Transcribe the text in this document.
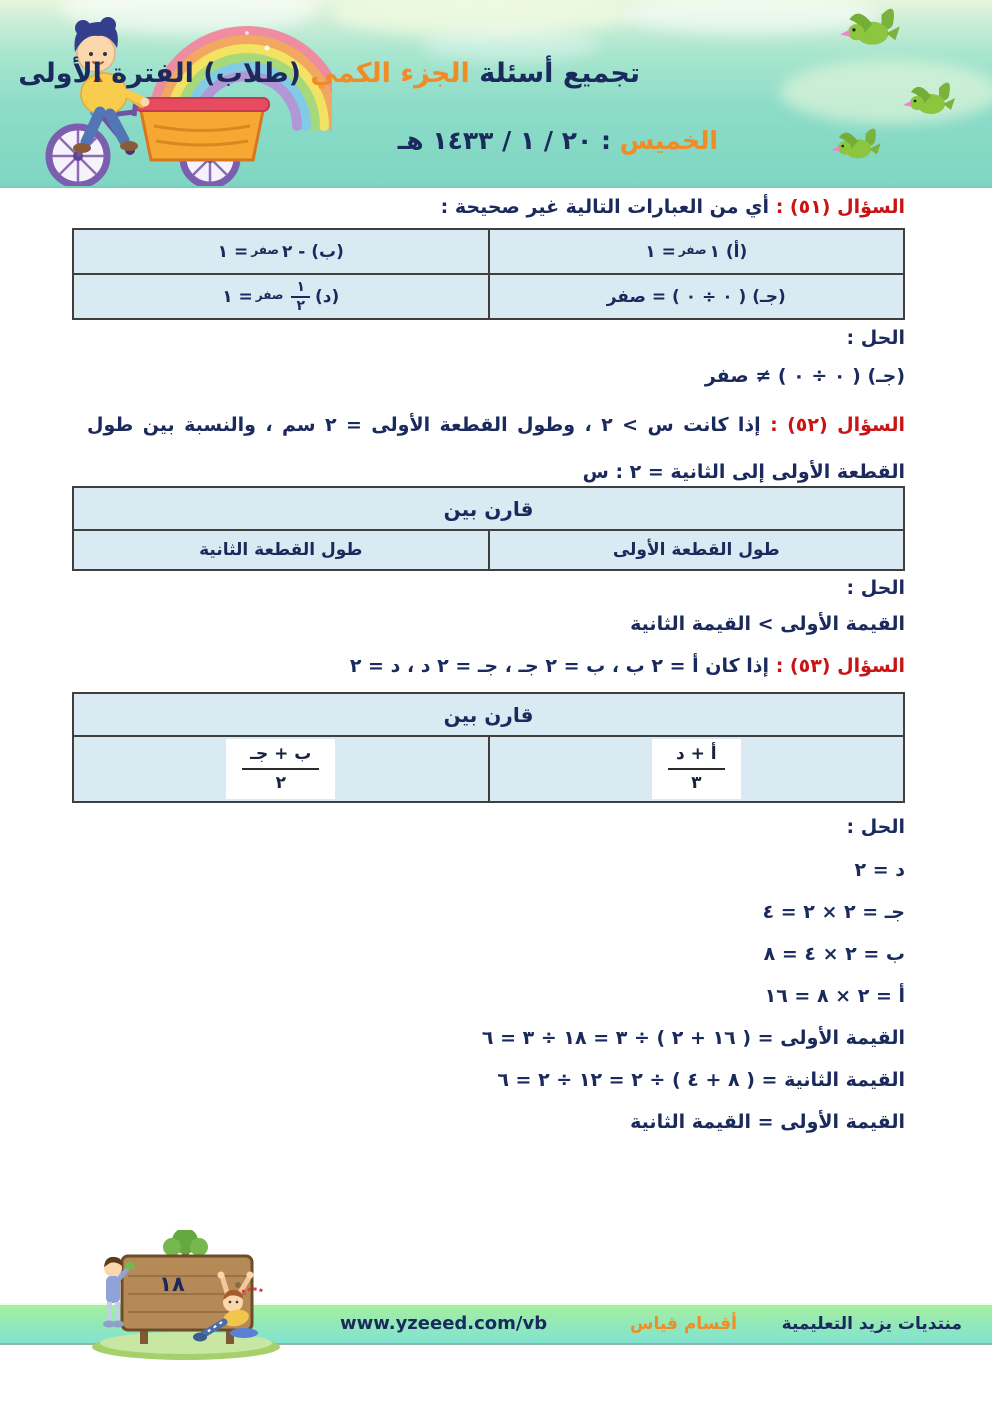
تجميع أسئلة الجزء الكمي (طلاب) الفترة الأولى
الخميس : ٢٠ / ١ / ١٤٣٣ هـ
السؤال (٥١) : أي من العبارات التالية غير صحيحة :
(أ) ١
$^{صفر}$
= ١
(ب) - ٢
$^{صفر}$
= ١
(جـ) ( ٠ ÷ ٠ ) = صفر
(د)
١
٢
$^{صفر}$
= ١
الحل :
(جـ) ( ٠ ÷ ٠ ) ≠ صفر
السؤال (٥٢) : إذا كانت س > ٢ ، وطول القطعة الأولى = ٢ سم ، والنسبة بين طول القطعة الأولى إلى الثانية = ٢ : س
قارن بين
طول القطعة الأولى
طول القطعة الثانية
الحل :
القيمة الأولى > القيمة الثانية
السؤال (٥٣) : إذا كان أ = ٢ ب ، ب = ٢ جـ ، جـ = ٢ د ، د = ٢
قارن بين
أ + د
٣
ب + جـ
٢
الحل :
د = ٢
جـ = ٢ × ٢ = ٤
ب = ٢ × ٤ = ٨
أ = ٢ × ٨ = ١٦
القيمة الأولى = ( ١٦ + ٢ ) ÷ ٣ = ١٨ ÷ ٣ = ٦
القيمة الثانية = ( ٨ + ٤ ) ÷ ٢ = ١٢ ÷ ٢ = ٦
القيمة الأولى = القيمة الثانية
منتديات يزيد التعليمية
أقسام قياس
www.yzeeed.com/vb
١٨
